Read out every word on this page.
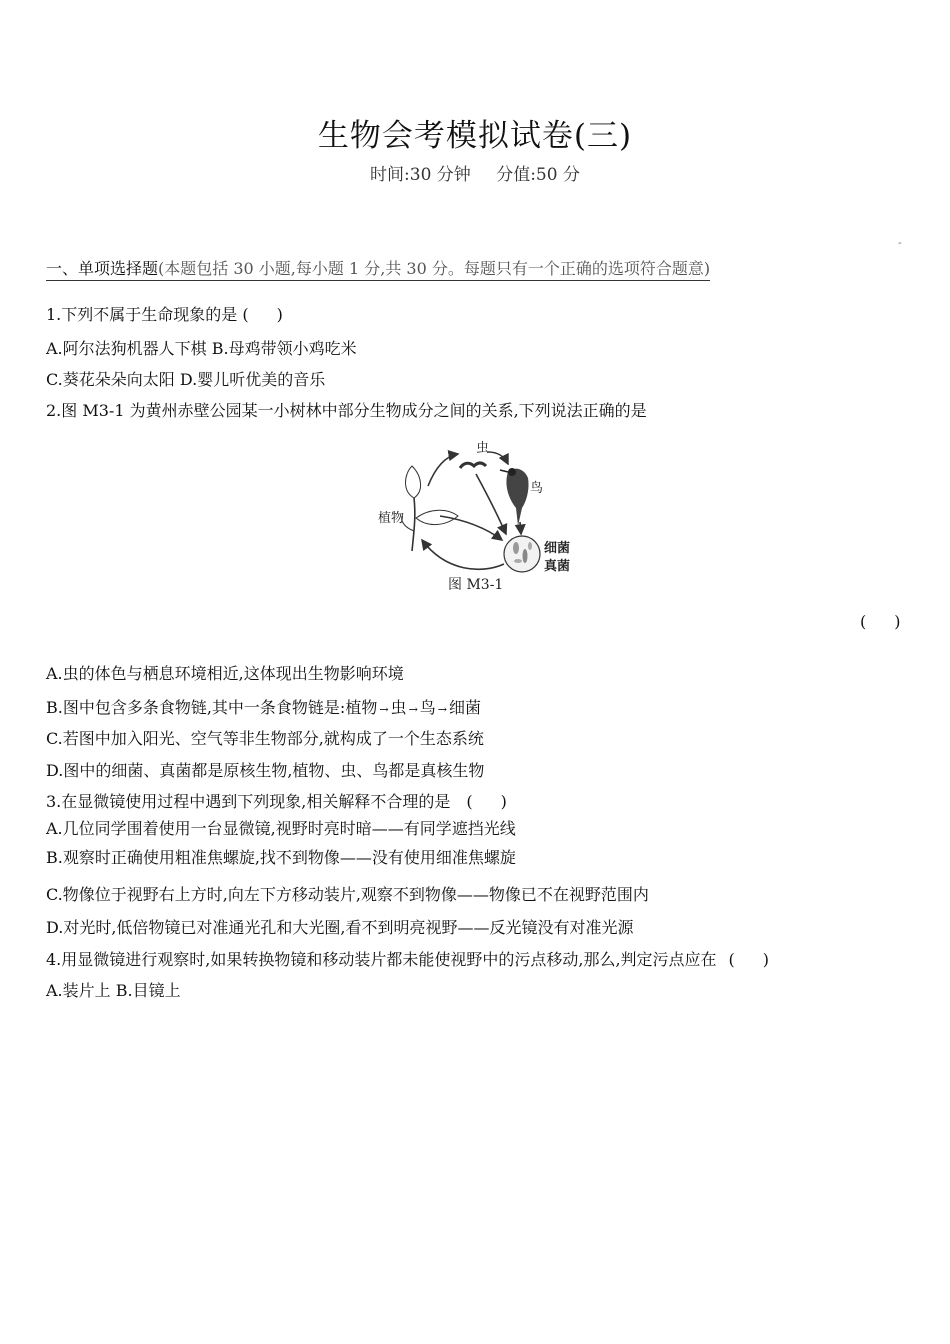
生物会考模拟试卷(三)
时间:30 分钟 分值:50 分
-
一、单项选择题(本题包括 30 小题,每小题 1 分,共 30 分。每题只有一个正确的选项符合题意)
1.下列不属于生命现象的是 ( )
A.阿尔法狗机器人下棋 B.母鸡带领小鸡吃米
C.葵花朵朵向太阳 D.婴儿听优美的音乐
2.图 M3-1 为黄州赤壁公园某一小树林中部分生物成分之间的关系,下列说法正确的是
植物
虫
鸟
细菌
真菌
图 M3-1
( )
A.虫的体色与栖息环境相近,这体现出生物影响环境
B.图中包含多条食物链,其中一条食物链是:植物 → 虫 → 鸟 → 细菌
C.若图中加入阳光、空气等非生物部分,就构成了一个生态系统
D.图中的细菌、真菌都是原核生物,植物、虫、鸟都是真核生物
3.在显微镜使用过程中遇到下列现象,相关解释不合理的是 ( )
A.几位同学围着使用一台显微镜,视野时亮时暗——有同学遮挡光线
B.观察时正确使用粗准焦螺旋,找不到物像——没有使用细准焦螺旋
C.物像位于视野右上方时,向左下方移动装片,观察不到物像——物像已不在视野范围内
D.对光时,低倍物镜已对准通光孔和大光圈,看不到明亮视野——反光镜没有对准光源
4.用显微镜进行观察时,如果转换物镜和移动装片都未能使视野中的污点移动,那么,判定污点应在 ( )
A.装片上 B.目镜上
